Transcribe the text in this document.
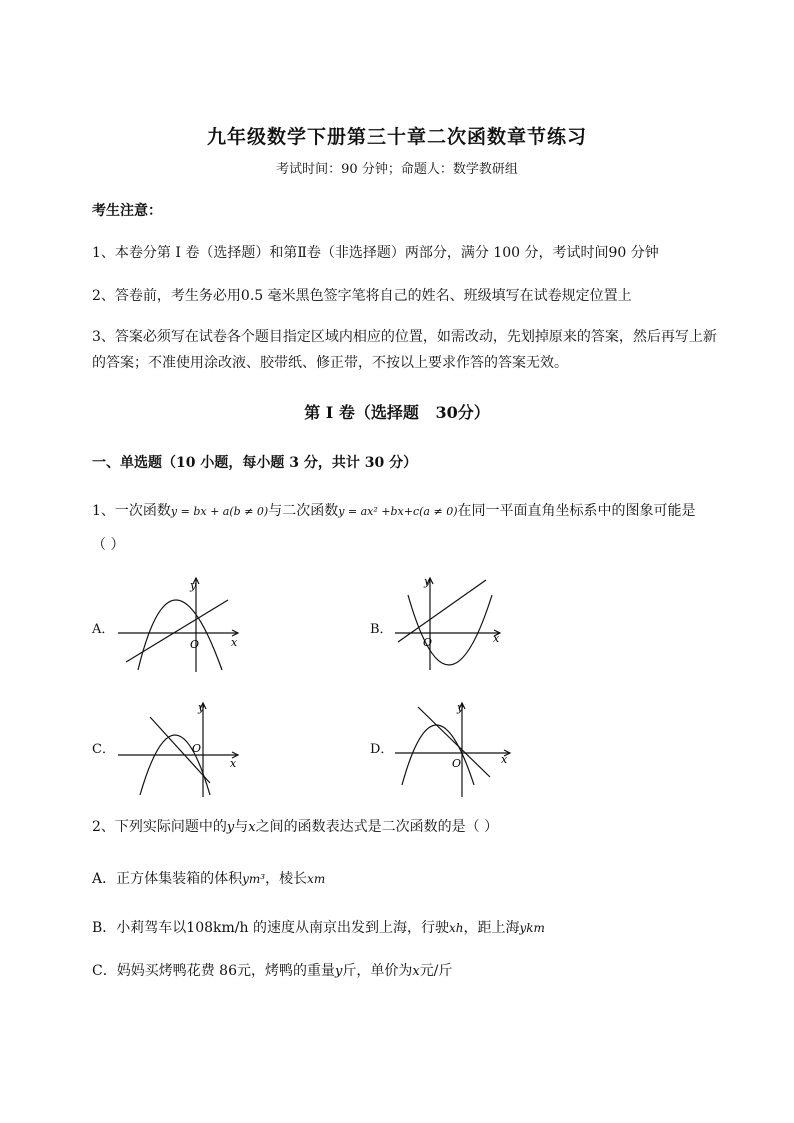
九年级数学下册第三十章二次函数章节练习
考试时间：90 分钟；命题人：数学教研组
考生注意：
1、本卷分第 I 卷（选择题）和第Ⅱ卷（非选择题）两部分，满分 100 分，考试时间90 分钟
2、答卷前，考生务必用0.5 毫米黑色签字笔将自己的姓名、班级填写在试卷规定位置上
3、答案必须写在试卷各个题目指定区域内相应的位置，如需改动，先划掉原来的答案，然后再写上新
的答案；不准使用涂改液、胶带纸、修正带，不按以上要求作答的答案无效。
第 I 卷（选择题   30分）
一、单选题（10 小题，每小题 3 分，共计 30 分）
1、一次函数y = bx + a(b ≠ 0)与二次函数y = ax² +bx+c(a ≠ 0)在同一平面直角坐标系中的图象可能是
（ ）
A．	B．
C．	D．
y
x
O
y
x
O
y
x
O
y
x
O
2、下列实际问题中的y与x之间的函数表达式是二次函数的是（ ）
A．正方体集装箱的体积ym³，棱长xm
B．小莉驾车以108km/h 的速度从南京出发到上海，行驶xh，距上海ykm
C．妈妈买烤鸭花费 86元，烤鸭的重量y斤，单价为x元/斤
